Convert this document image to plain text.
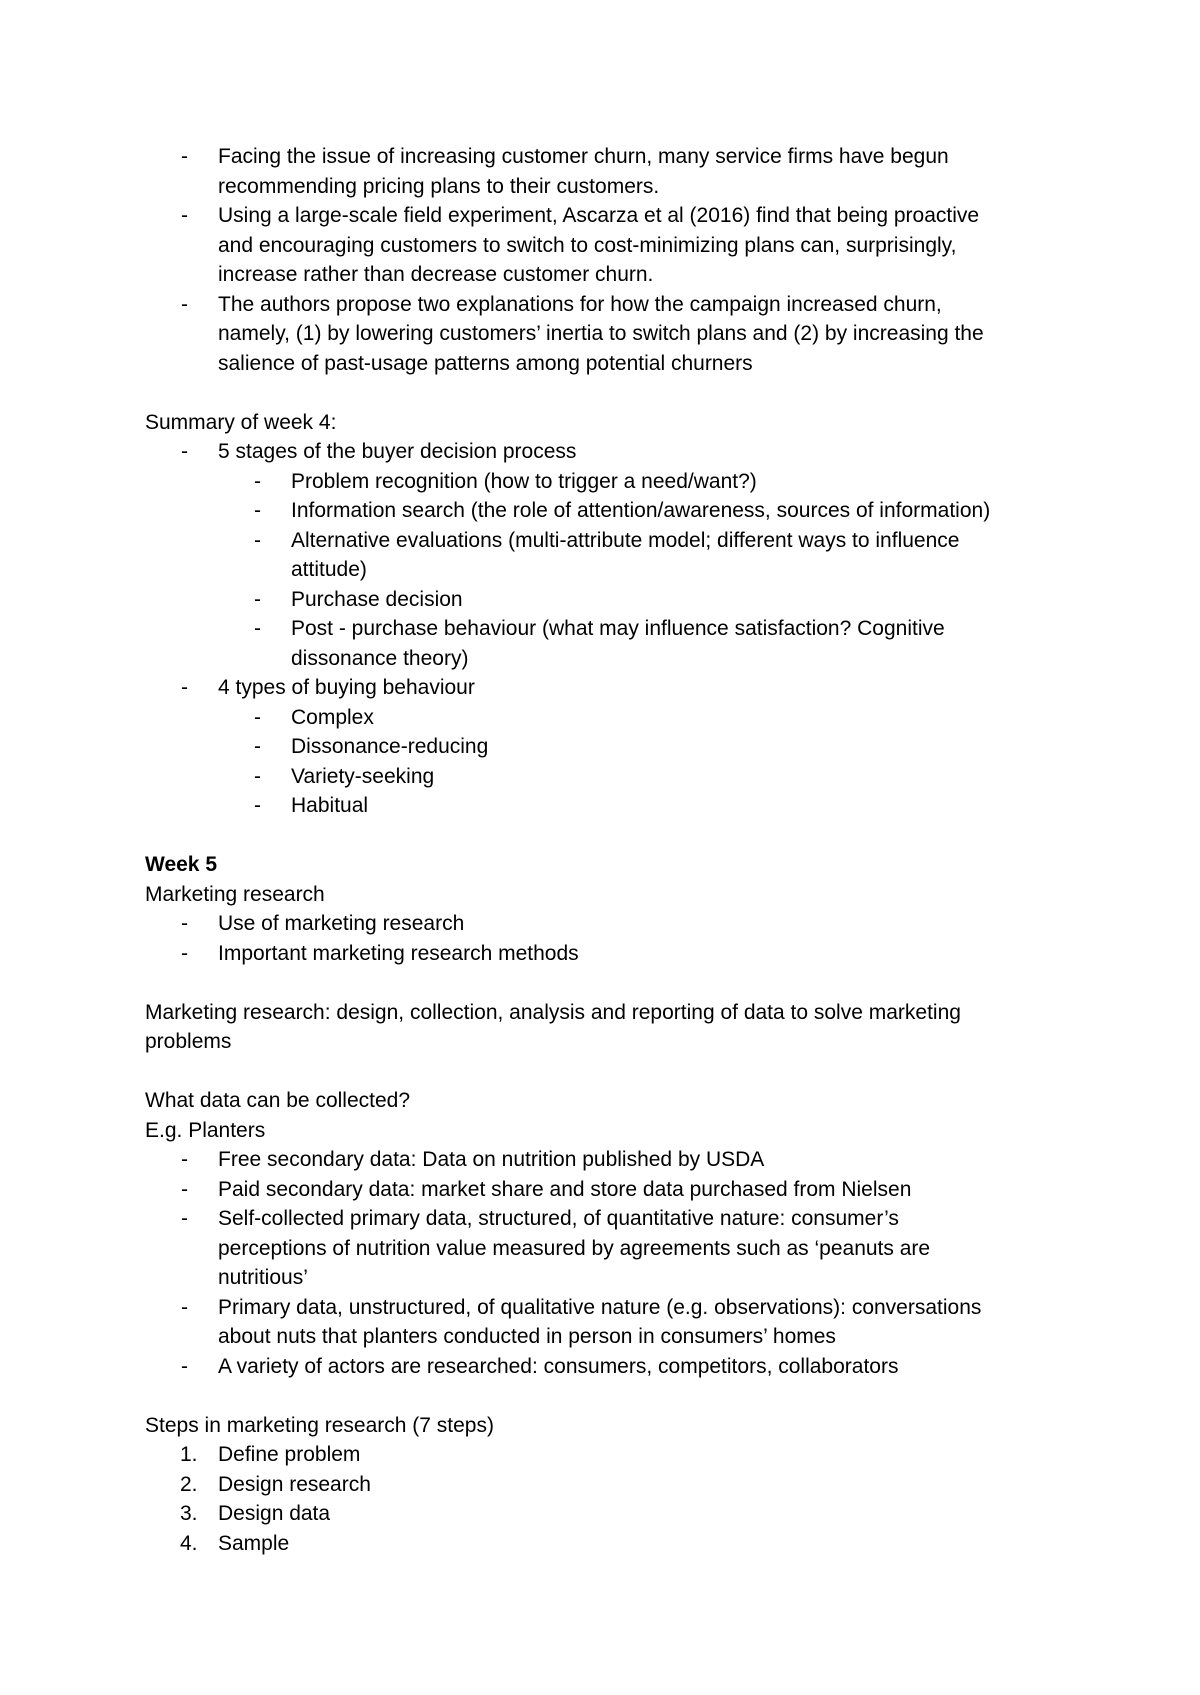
-	Facing the issue of increasing customer churn, many service firms have begun recommending pricing plans to their customers.
-	Using a large-scale field experiment, Ascarza et al (2016) find that being proactive and encouraging customers to switch to cost-minimizing plans can, surprisingly, increase rather than decrease customer churn.
-	The authors propose two explanations for how the campaign increased churn, namely, (1) by lowering customers’ inertia to switch plans and (2) by increasing the salience of past-usage patterns among potential churners
Summary of week 4:
-	5 stages of the buyer decision process
-	Problem recognition (how to trigger a need/want?)
-	Information search (the role of attention/awareness, sources of information)
-	Alternative evaluations (multi-attribute model; different ways to influence attitude)
-	Purchase decision
-	Post - purchase behaviour (what may influence satisfaction? Cognitive dissonance theory)
-	4 types of buying behaviour
-	Complex
-	Dissonance-reducing
-	Variety-seeking
-	Habitual
Week 5
Marketing research
-	Use of marketing research
-	Important marketing research methods
Marketing research: design, collection, analysis and reporting of data to solve marketing problems
What data can be collected?
E.g. Planters
-	Free secondary data: Data on nutrition published by USDA
-	Paid secondary data: market share and store data purchased from Nielsen
-	Self-collected primary data, structured, of quantitative nature: consumer’s perceptions of nutrition value measured by agreements such as ‘peanuts are nutritious’
-	Primary data, unstructured, of qualitative nature (e.g. observations): conversations about nuts that planters conducted in person in consumers’ homes
-	A variety of actors are researched: consumers, competitors, collaborators
Steps in marketing research (7 steps)
1. Define problem
2. Design research
3. Design data
4. Sample
